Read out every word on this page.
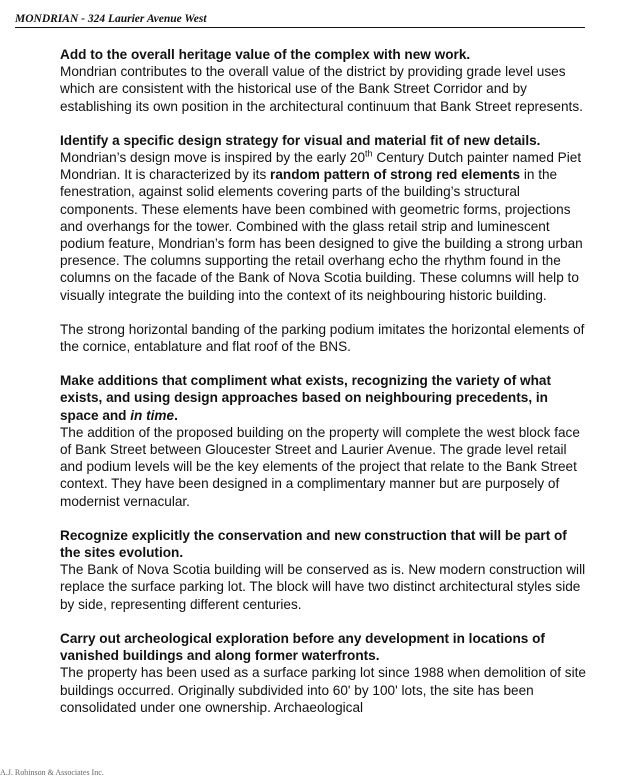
MONDRIAN - 324 Laurier Avenue West

Add to the overall heritage value of the complex with new work.

Mondrian contributes to the overall value of the district by providing grade level uses which are consistent with the historical use of the Bank Street Corridor and by establishing its own position in the architectural continuum that Bank Street represents.

Identify a specific design strategy for visual and material fit of new details.

Mondrian’s design move is inspired by the early 20th Century Dutch painter named Piet Mondrian. It is characterized by its random pattern of strong red elements in the fenestration, against solid elements covering parts of the building’s structural components. These elements have been combined with geometric forms, projections and overhangs for the tower. Combined with the glass retail strip and luminescent podium feature, Mondrian’s form has been designed to give the building a strong urban presence. The columns supporting the retail overhang echo the rhythm found in the columns on the facade of the Bank of Nova Scotia building. These columns will help to visually integrate the building into the context of its neighbouring historic building.

The strong horizontal banding of the parking podium imitates the horizontal elements of the cornice, entablature and flat roof of the BNS.

Make additions that compliment what exists, recognizing the variety of what exists, and using design approaches based on neighbouring precedents, in space and in time.

The addition of the proposed building on the property will complete the west block face of Bank Street between Gloucester Street and Laurier Avenue. The grade level retail and podium levels will be the key elements of the project that relate to the Bank Street context. They have been designed in a complimentary manner but are purposely of modernist vernacular.

Recognize explicitly the conservation and new construction that will be part of the sites evolution.

The Bank of Nova Scotia building will be conserved as is. New modern construction will replace the surface parking lot. The block will have two distinct architectural styles side by side, representing different centuries.

Carry out archeological exploration before any development in locations of vanished buildings and along former waterfronts.

The property has been used as a surface parking lot since 1988 when demolition of site buildings occurred. Originally subdivided into 60' by 100' lots, the site has been consolidated under one ownership. Archaeological

A.J. Robinson & Associates Inc.
